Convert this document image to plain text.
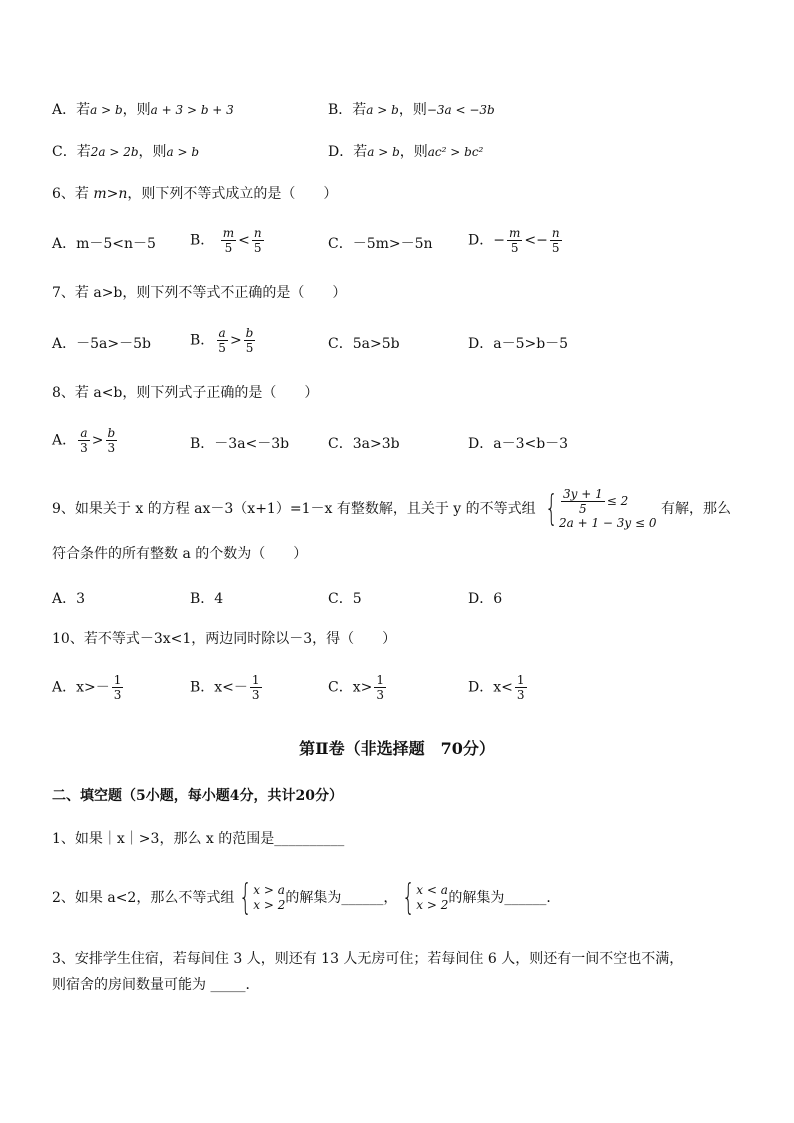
A．若a > b，则a + 3 > b + 3	B．若a > b，则−3a < −3b
C．若2a > 2b，则a > b	D．若a > b，则ac² > bc²
6、若 m>n，则下列不等式成立的是（　　）
A．m－5<n－5 B． $\frac{m}{5} < \frac{n}{5}$	C．－5m>－5n	D．− $\frac{m}{5} <- \frac{n}{5}$
7、若 a>b，则下列不等式不正确的是（　　）
A．－5a>－5b	B． $\frac{a}{5} > \frac{b}{5}$	C．5a>5b	D．a－5>b－5
8、若 a<b，则下列式子正确的是（　　）
A． $\frac{a}{3} > \frac{b}{3}$	B．－3a<－3b	C．3a>3b	D．a－3<b－3
9、如果关于 x 的方程 ax－3（x+1）=1－x 有整数解，且关于 y 的不等式组 { $\frac{3y + 1}{5} \le 2$
2a + 1 − 3y ≤ 0
有解，那么
符合条件的所有整数 a 的个数为（　　）
A．3	B．4	C．5	D．6
10、若不等式－3x<1，两边同时除以－3，得（　　）
A．$x>- \frac{1}{3}$	B．$x<- \frac{1}{3}$	C．$x> \frac{1}{3}$	D．$x< \frac{1}{3}$
第Ⅱ卷（非选择题　70分）
二、填空题（5小题，每小题4分，共计20分）
1、如果｜x｜>3，那么 x 的范围是__________
2、如果 a<2，那么不等式组 { x > a
x > 2 的解集为______， { x < a
x > 2 的解集为______．
3、安排学生住宿，若每间住 3 人，则还有 13 人无房可住；若每间住 6 人，则还有一间不空也不满，
则宿舍的房间数量可能为 _____．
